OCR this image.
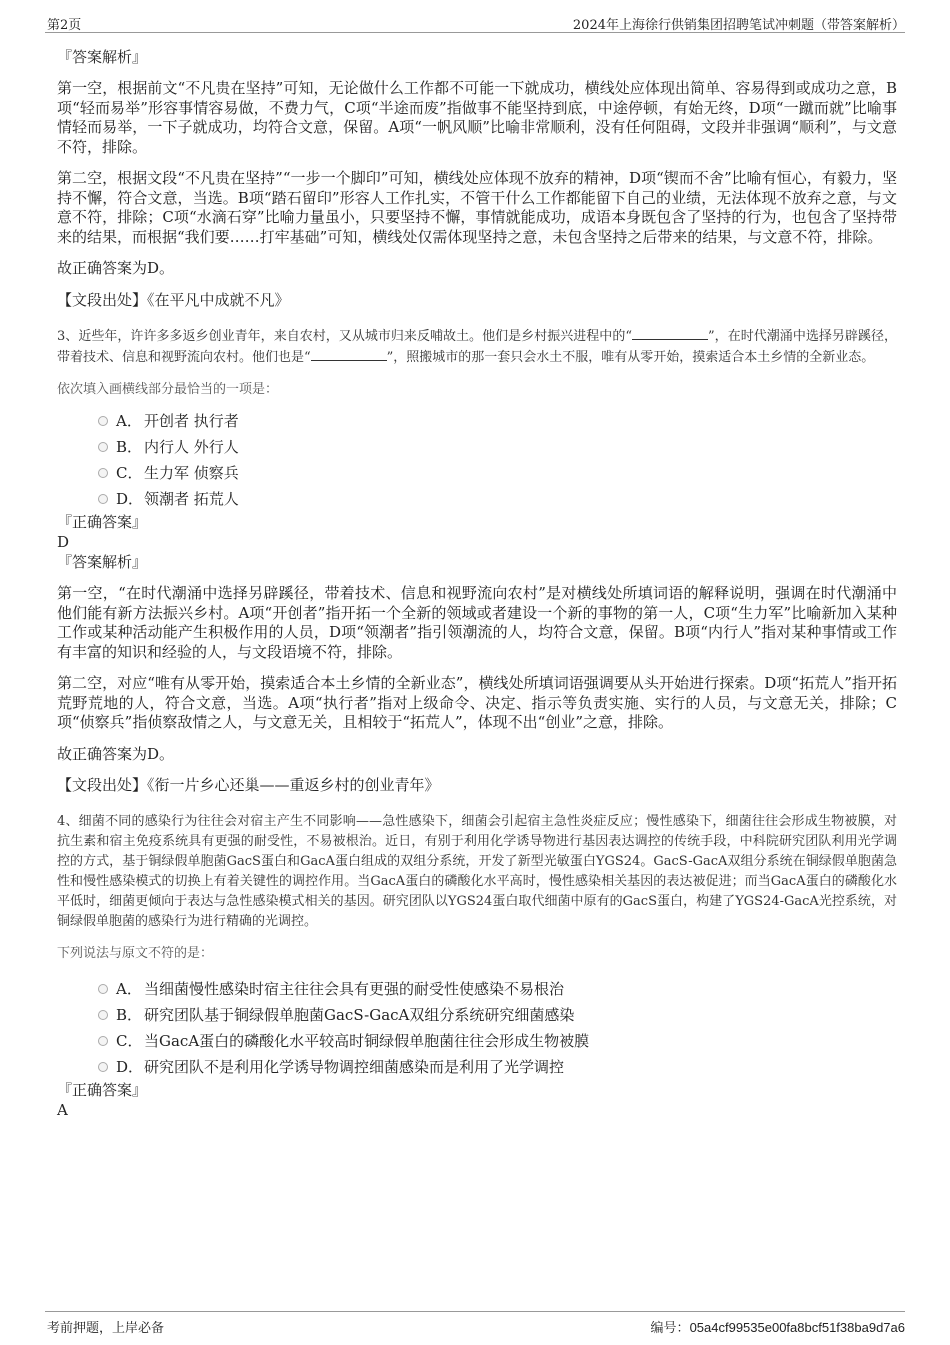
第2页	2024年上海徐行供销集团招聘笔试冲刺题（带答案解析）

『答案解析』

第一空，根据前文“不凡贵在坚持”可知，无论做什么工作都不可能一下就成功，横线处应体现出简单、容易得到或成功之意，B项“轻而易举”形容事情容易做，不费力气，C项“半途而废”指做事不能坚持到底，中途停顿，有始无终，D项“一蹴而就”比喻事情轻而易举，一下子就成功，均符合文意，保留。A项“一帆风顺”比喻非常顺利，没有任何阻碍，文段并非强调“顺利”，与文意不符，排除。

第二空，根据文段“不凡贵在坚持”“一步一个脚印”可知，横线处应体现不放弃的精神，D项“锲而不舍”比喻有恒心，有毅力，坚持不懈，符合文意，当选。B项“踏石留印”形容人工作扎实，不管干什么工作都能留下自己的业绩，无法体现不放弃之意，与文意不符，排除；C项“水滴石穿”比喻力量虽小，只要坚持不懈，事情就能成功，成语本身既包含了坚持的行为，也包含了坚持带来的结果，而根据“我们要……打牢基础”可知，横线处仅需体现坚持之意，未包含坚持之后带来的结果，与文意不符，排除。

故正确答案为D。

【文段出处】《在平凡中成就不凡》

3、近些年，许许多多返乡创业青年，来自农村，又从城市归来反哺故土。他们是乡村振兴进程中的“	”，在时代潮涌中选择另辟蹊径，带着技术、信息和视野流向农村。他们也是“	”，照搬城市的那一套只会水土不服，唯有从零开始，摸索适合本土乡情的全新业态。

依次填入画横线部分最恰当的一项是：

A． 开创者 执行者
B． 内行人 外行人
C． 生力军 侦察兵
D．领潮者 拓荒人

『正确答案』

D

『答案解析』

第一空，“在时代潮涌中选择另辟蹊径，带着技术、信息和视野流向农村”是对横线处所填词语的解释说明，强调在时代潮涌中他们能有新方法振兴乡村。A项“开创者”指开拓一个全新的领域或者建设一个新的事物的第一人，C项“生力军”比喻新加入某种工作或某种活动能产生积极作用的人员，D项“领潮者”指引领潮流的人，均符合文意，保留。B项“内行人”指对某种事情或工作有丰富的知识和经验的人，与文段语境不符，排除。

第二空，对应“唯有从零开始，摸索适合本土乡情的全新业态”，横线处所填词语强调要从头开始进行探索。D项“拓荒人”指开拓荒野荒地的人，符合文意，当选。A项“执行者”指对上级命令、决定、指示等负责实施、实行的人员，与文意无关，排除；C项“侦察兵”指侦察敌情之人，与文意无关，且相较于“拓荒人”，体现不出“创业”之意，排除。

故正确答案为D。

【文段出处】《衔一片乡心还巢——重返乡村的创业青年》

4、细菌不同的感染行为往往会对宿主产生不同影响——急性感染下，细菌会引起宿主急性炎症反应；慢性感染下，细菌往往会形成生物被膜，对抗生素和宿主免疫系统具有更强的耐受性，不易被根治。近日，有别于利用化学诱导物进行基因表达调控的传统手段，中科院研究团队利用光学调控的方式，基于铜绿假单胞菌GacS蛋白和GacA蛋白组成的双组分系统，开发了新型光敏蛋白YGS24。GacS-GacA双组分系统在铜绿假单胞菌急性和慢性感染模式的切换上有着关键性的调控作用。当GacA蛋白的磷酸化水平高时，慢性感染相关基因的表达被促进；而当GacA蛋白的磷酸化水平低时，细菌更倾向于表达与急性感染模式相关的基因。研究团队以YGS24蛋白取代细菌中原有的GacS蛋白，构建了YGS24-GacA光控系统，对铜绿假单胞菌的感染行为进行精确的光调控。

下列说法与原文不符的是：

A． 当细菌慢性感染时宿主往往会具有更强的耐受性使感染不易根治
B． 研究团队基于铜绿假单胞菌GacS-GacA双组分系统研究细菌感染
C． 当GacA蛋白的磷酸化水平较高时铜绿假单胞菌往往会形成生物被膜
D．研究团队不是利用化学诱导物调控细菌感染而是利用了光学调控

『正确答案』

A

考前押题，上岸必备	编号：05a4cf99535e00fa8bcf51f38ba9d7a6
